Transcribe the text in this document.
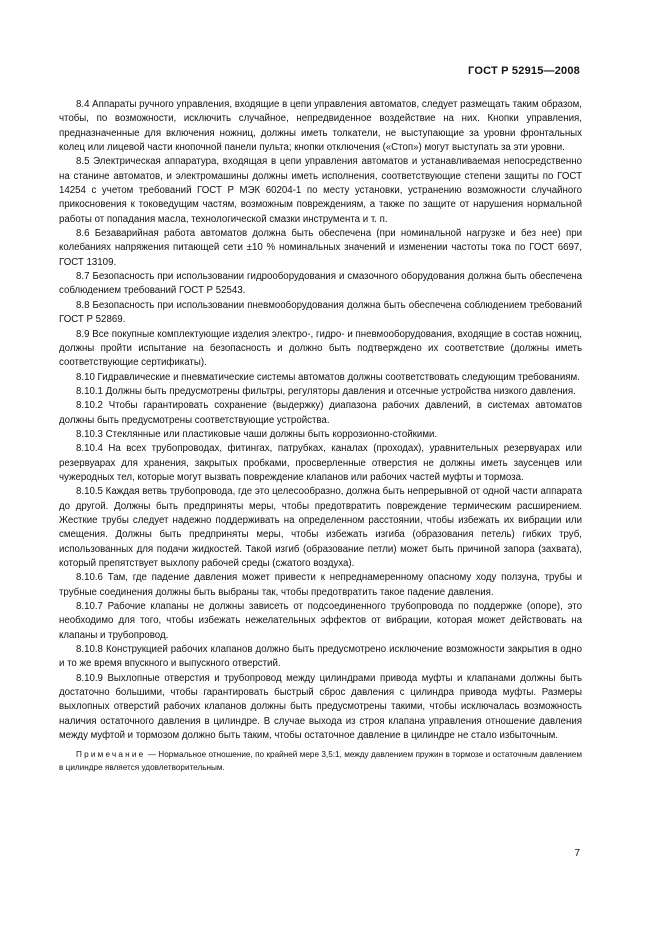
ГОСТ Р 52915—2008

8.4 Аппараты ручного управления, входящие в цепи управления автоматов, следует размещать таким образом, чтобы, по возможности, исключить случайное, непредвиденное воздействие на них. Кнопки управления, предназначенные для включения ножниц, должны иметь толкатели, не выступающие за уровни фронтальных колец или лицевой части кнопочной панели пульта; кнопки отключения («Стоп») могут выступать за эти уровни.

8.5 Электрическая аппаратура, входящая в цепи управления автоматов и устанавливаемая непосредственно на станине автоматов, и электромашины должны иметь исполнения, соответствующие степени защиты по ГОСТ 14254 с учетом требований ГОСТ Р МЭК 60204-1 по месту установки, устранению возможности случайного прикосновения к токоведущим частям, возможным повреждениям, а также по защите от нарушения нормальной работы от попадания масла, технологической смазки инструмента и т. п.

8.6 Безаварийная работа автоматов должна быть обеспечена (при номинальной нагрузке и без нее) при колебаниях напряжения питающей сети ±10 % номинальных значений и изменении частоты тока по ГОСТ 6697, ГОСТ 13109.

8.7 Безопасность при использовании гидрооборудования и смазочного оборудования должна быть обеспечена соблюдением требований ГОСТ Р 52543.

8.8 Безопасность при использовании пневмооборудования должна быть обеспечена соблюдением требований ГОСТ Р 52869.

8.9 Все покупные комплектующие изделия электро-, гидро- и пневмооборудования, входящие в состав ножниц, должны пройти испытание на безопасность и должно быть подтверждено их соответствие (должны иметь соответствующие сертификаты).

8.10 Гидравлические и пневматические системы автоматов должны соответствовать следующим требованиям.

8.10.1 Должны быть предусмотрены фильтры, регуляторы давления и отсечные устройства низкого давления.

8.10.2 Чтобы гарантировать сохранение (выдержку) диапазона рабочих давлений, в системах автоматов должны быть предусмотрены соответствующие устройства.

8.10.3 Стеклянные или пластиковые чаши должны быть коррозионно-стойкими.

8.10.4 На всех трубопроводах, фитингах, патрубках, каналах (проходах), уравнительных резервуарах или резервуарах для хранения, закрытых пробками, просверленные отверстия не должны иметь заусенцев или чужеродных тел, которые могут вызвать повреждение клапанов или рабочих частей муфты и тормоза.

8.10.5 Каждая ветвь трубопровода, где это целесообразно, должна быть непрерывной от одной части аппарата до другой. Должны быть предприняты меры, чтобы предотвратить повреждение термическим расширением. Жесткие трубы следует надежно поддерживать на определенном расстоянии, чтобы избежать их вибрации или смещения. Должны быть предприняты меры, чтобы избежать изгиба (образования петель) гибких труб, использованных для подачи жидкостей. Такой изгиб (образование петли) может быть причиной запора (захвата), который препятствует выхлопу рабочей среды (сжатого воздуха).

8.10.6 Там, где падение давления может привести к непреднамеренному опасному ходу ползуна, трубы и трубные соединения должны быть выбраны так, чтобы предотвратить такое падение давления.

8.10.7 Рабочие клапаны не должны зависеть от подсоединенного трубопровода по поддержке (опоре), это необходимо для того, чтобы избежать нежелательных эффектов от вибрации, которая может действовать на клапаны и трубопровод.

8.10.8 Конструкцией рабочих клапанов должно быть предусмотрено исключение возможности закрытия в одно и то же время впускного и выпускного отверстий.

8.10.9 Выхлопные отверстия и трубопровод между цилиндрами привода муфты и клапанами должны быть достаточно большими, чтобы гарантировать быстрый сброс давления с цилиндра привода муфты. Размеры выхлопных отверстий рабочих клапанов должны быть предусмотрены такими, чтобы исключалась возможность наличия остаточного давления в цилиндре. В случае выхода из строя клапана управления отношение давления между муфтой и тормозом должно быть таким, чтобы остаточное давление в цилиндре не стало избыточным.

Примечание — Нормальное отношение, по крайней мере 3,5:1, между давлением пружин в тормозе и остаточным давлением в цилиндре является удовлетворительным.

7
